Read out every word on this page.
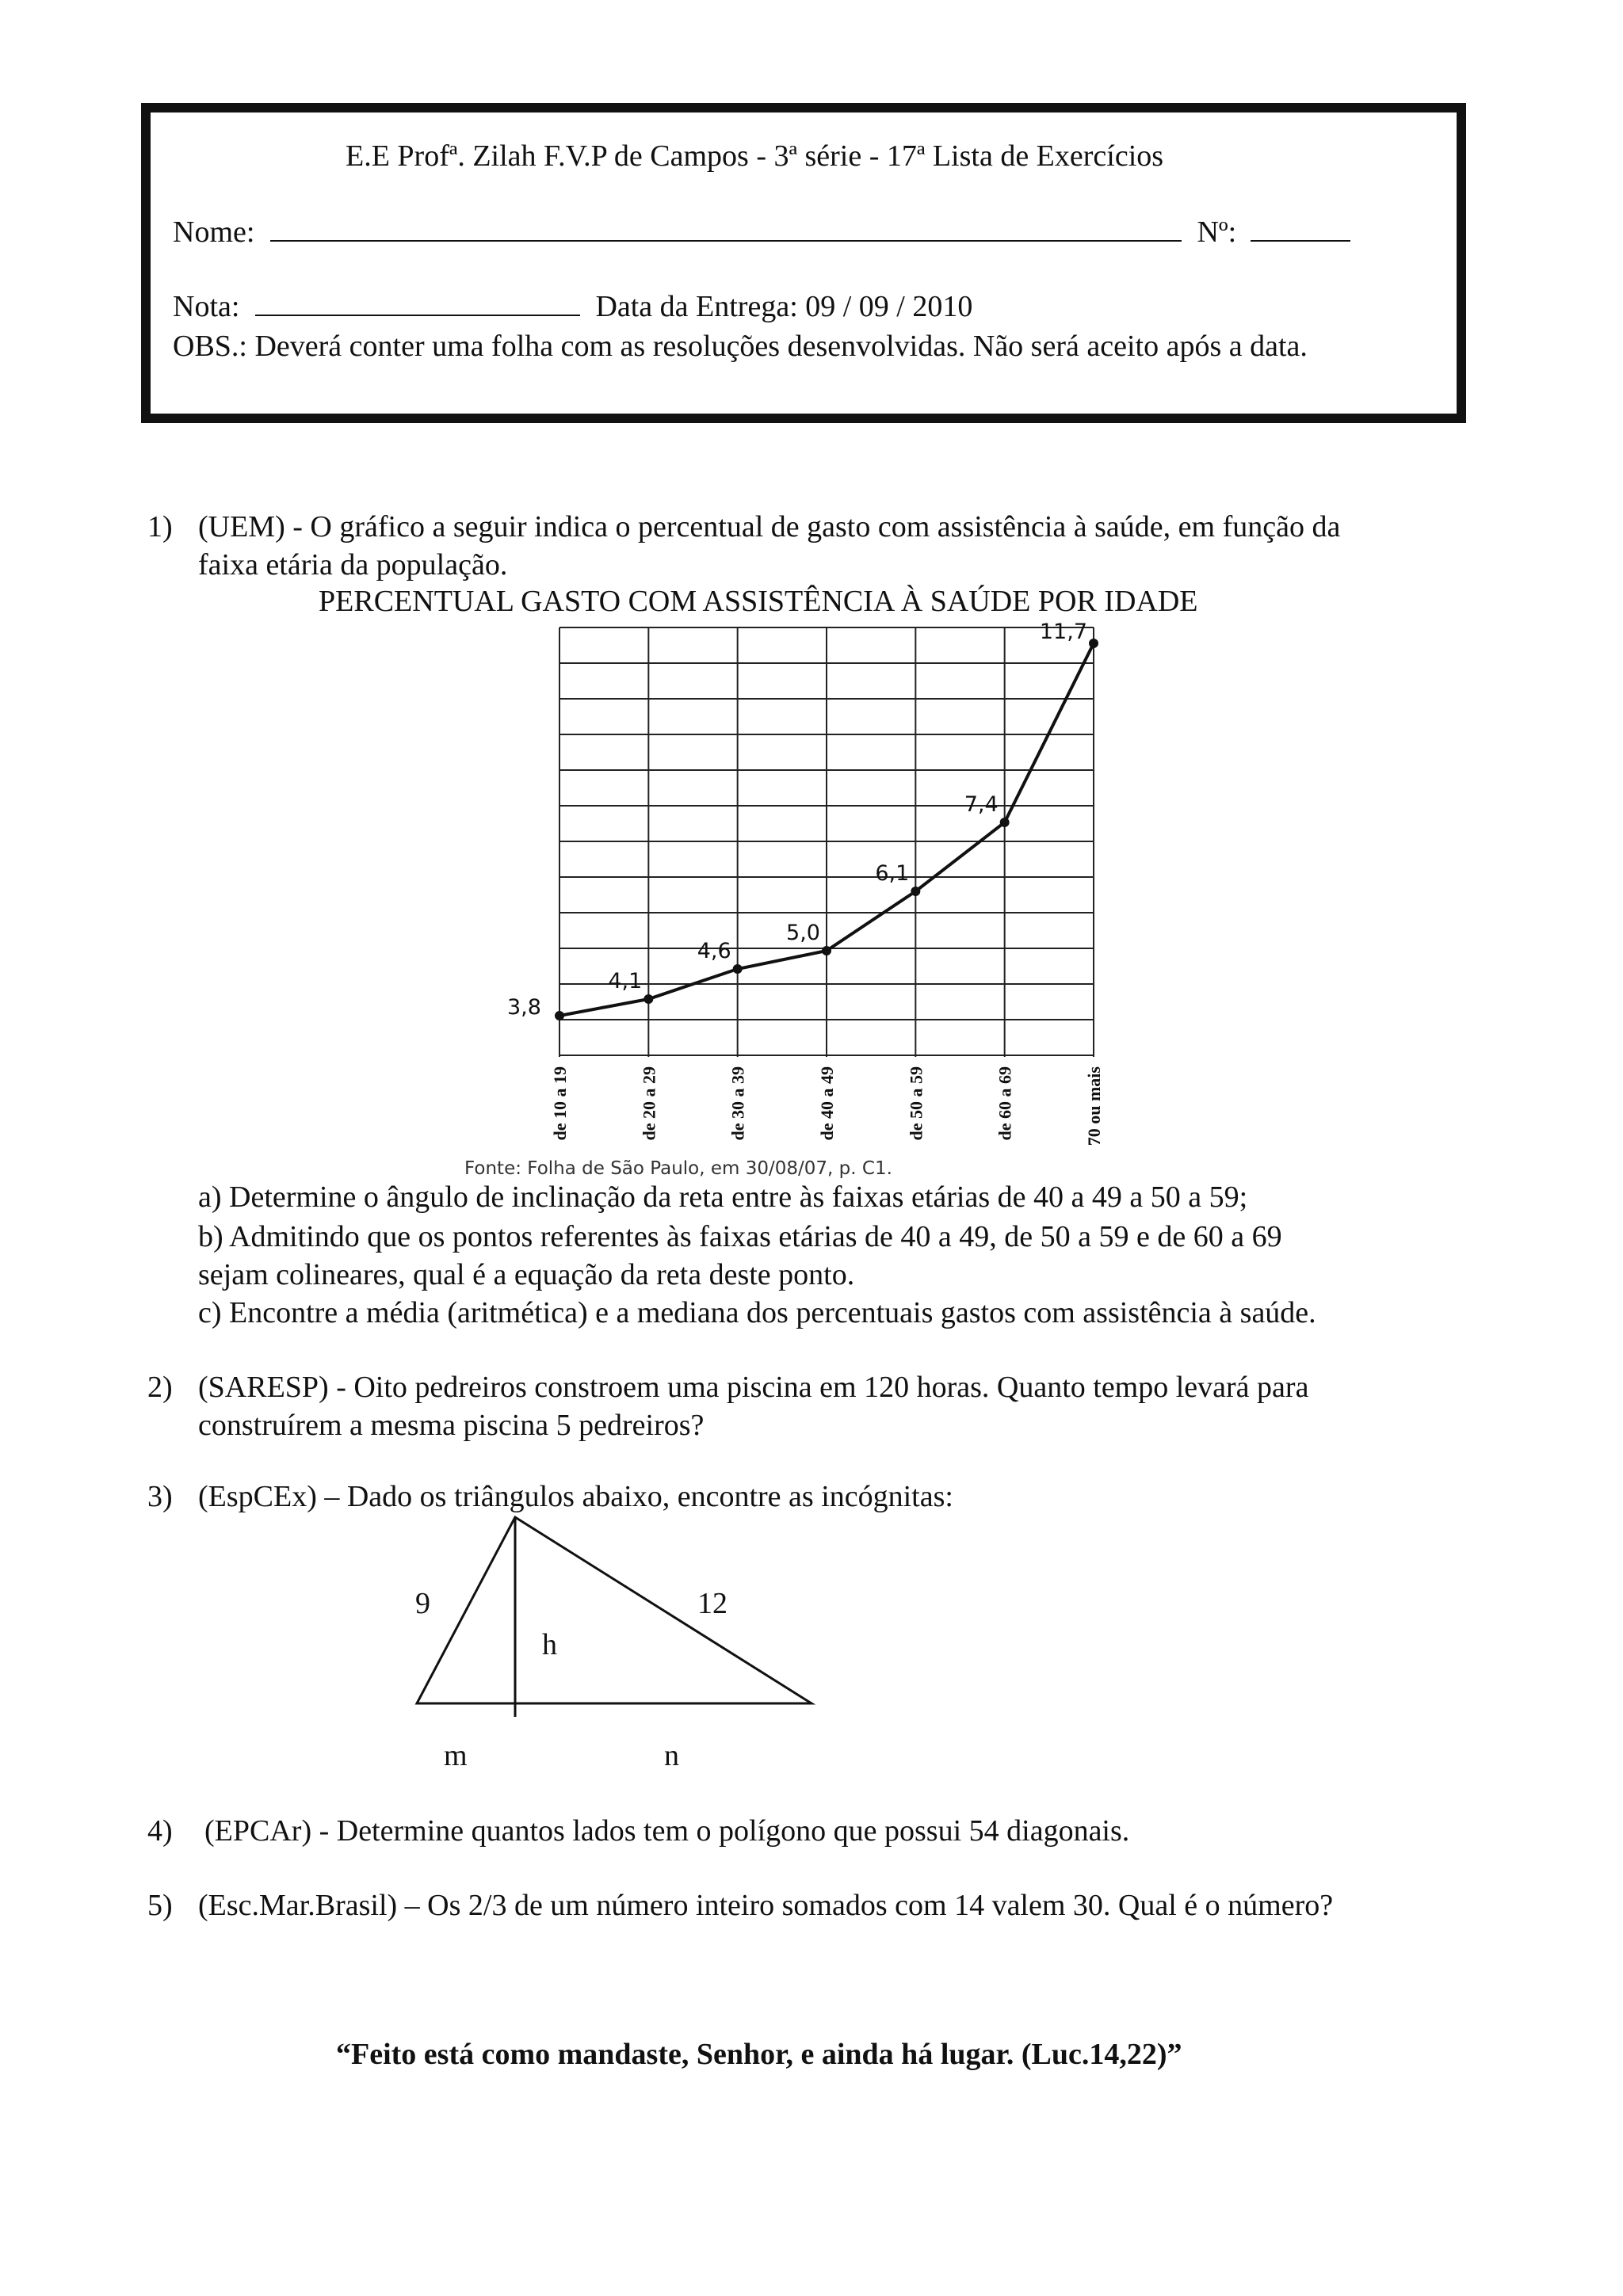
E.E Profª. Zilah F.V.P de Campos - 3ª série - 17ª Lista de Exercícios
Nome:	Nº:
Nota:	Data da Entrega: 09 / 09 / 2010
OBS.: Deverá conter uma folha com as resoluções desenvolvidas. Não será aceito após a data.
1) (UEM) - O gráfico a seguir indica o percentual de gasto com assistência à saúde, em função da
faixa etária da população.
PERCENTUAL GASTO COM ASSISTÊNCIA À SAÚDE POR IDADE
3,8
4,1
4,6
5,0
6,1
7,4
11,7
de 10 a 19	de 20 a 29	de 30 a 39	de 40 a 49	de 50 a 59	de 60 a 69	70 ou mais
Fonte: Folha de São Paulo, em 30/08/07, p. C1.
a) Determine o ângulo de inclinação da reta entre às faixas etárias de 40 a 49 a 50 a 59;
b) Admitindo que os pontos referentes às faixas etárias de 40 a 49, de 50 a 59 e de 60 a 69
sejam colineares, qual é a equação da reta deste ponto.
c) Encontre a média (aritmética) e a mediana dos percentuais gastos com assistência à saúde.
2) (SARESP) - Oito pedreiros constroem uma piscina em 120 horas. Quanto tempo levará para
construírem a mesma piscina 5 pedreiros?
3) (EspCEx) – Dado os triângulos abaixo, encontre as incógnitas:
9	12
h
m	n
4) (EPCAr) - Determine quantos lados tem o polígono que possui 54 diagonais.
5) (Esc.Mar.Brasil) – Os 2/3 de um número inteiro somados com 14 valem 30. Qual é o número?
“Feito está como mandaste, Senhor, e ainda há lugar. (Luc.14,22)”
